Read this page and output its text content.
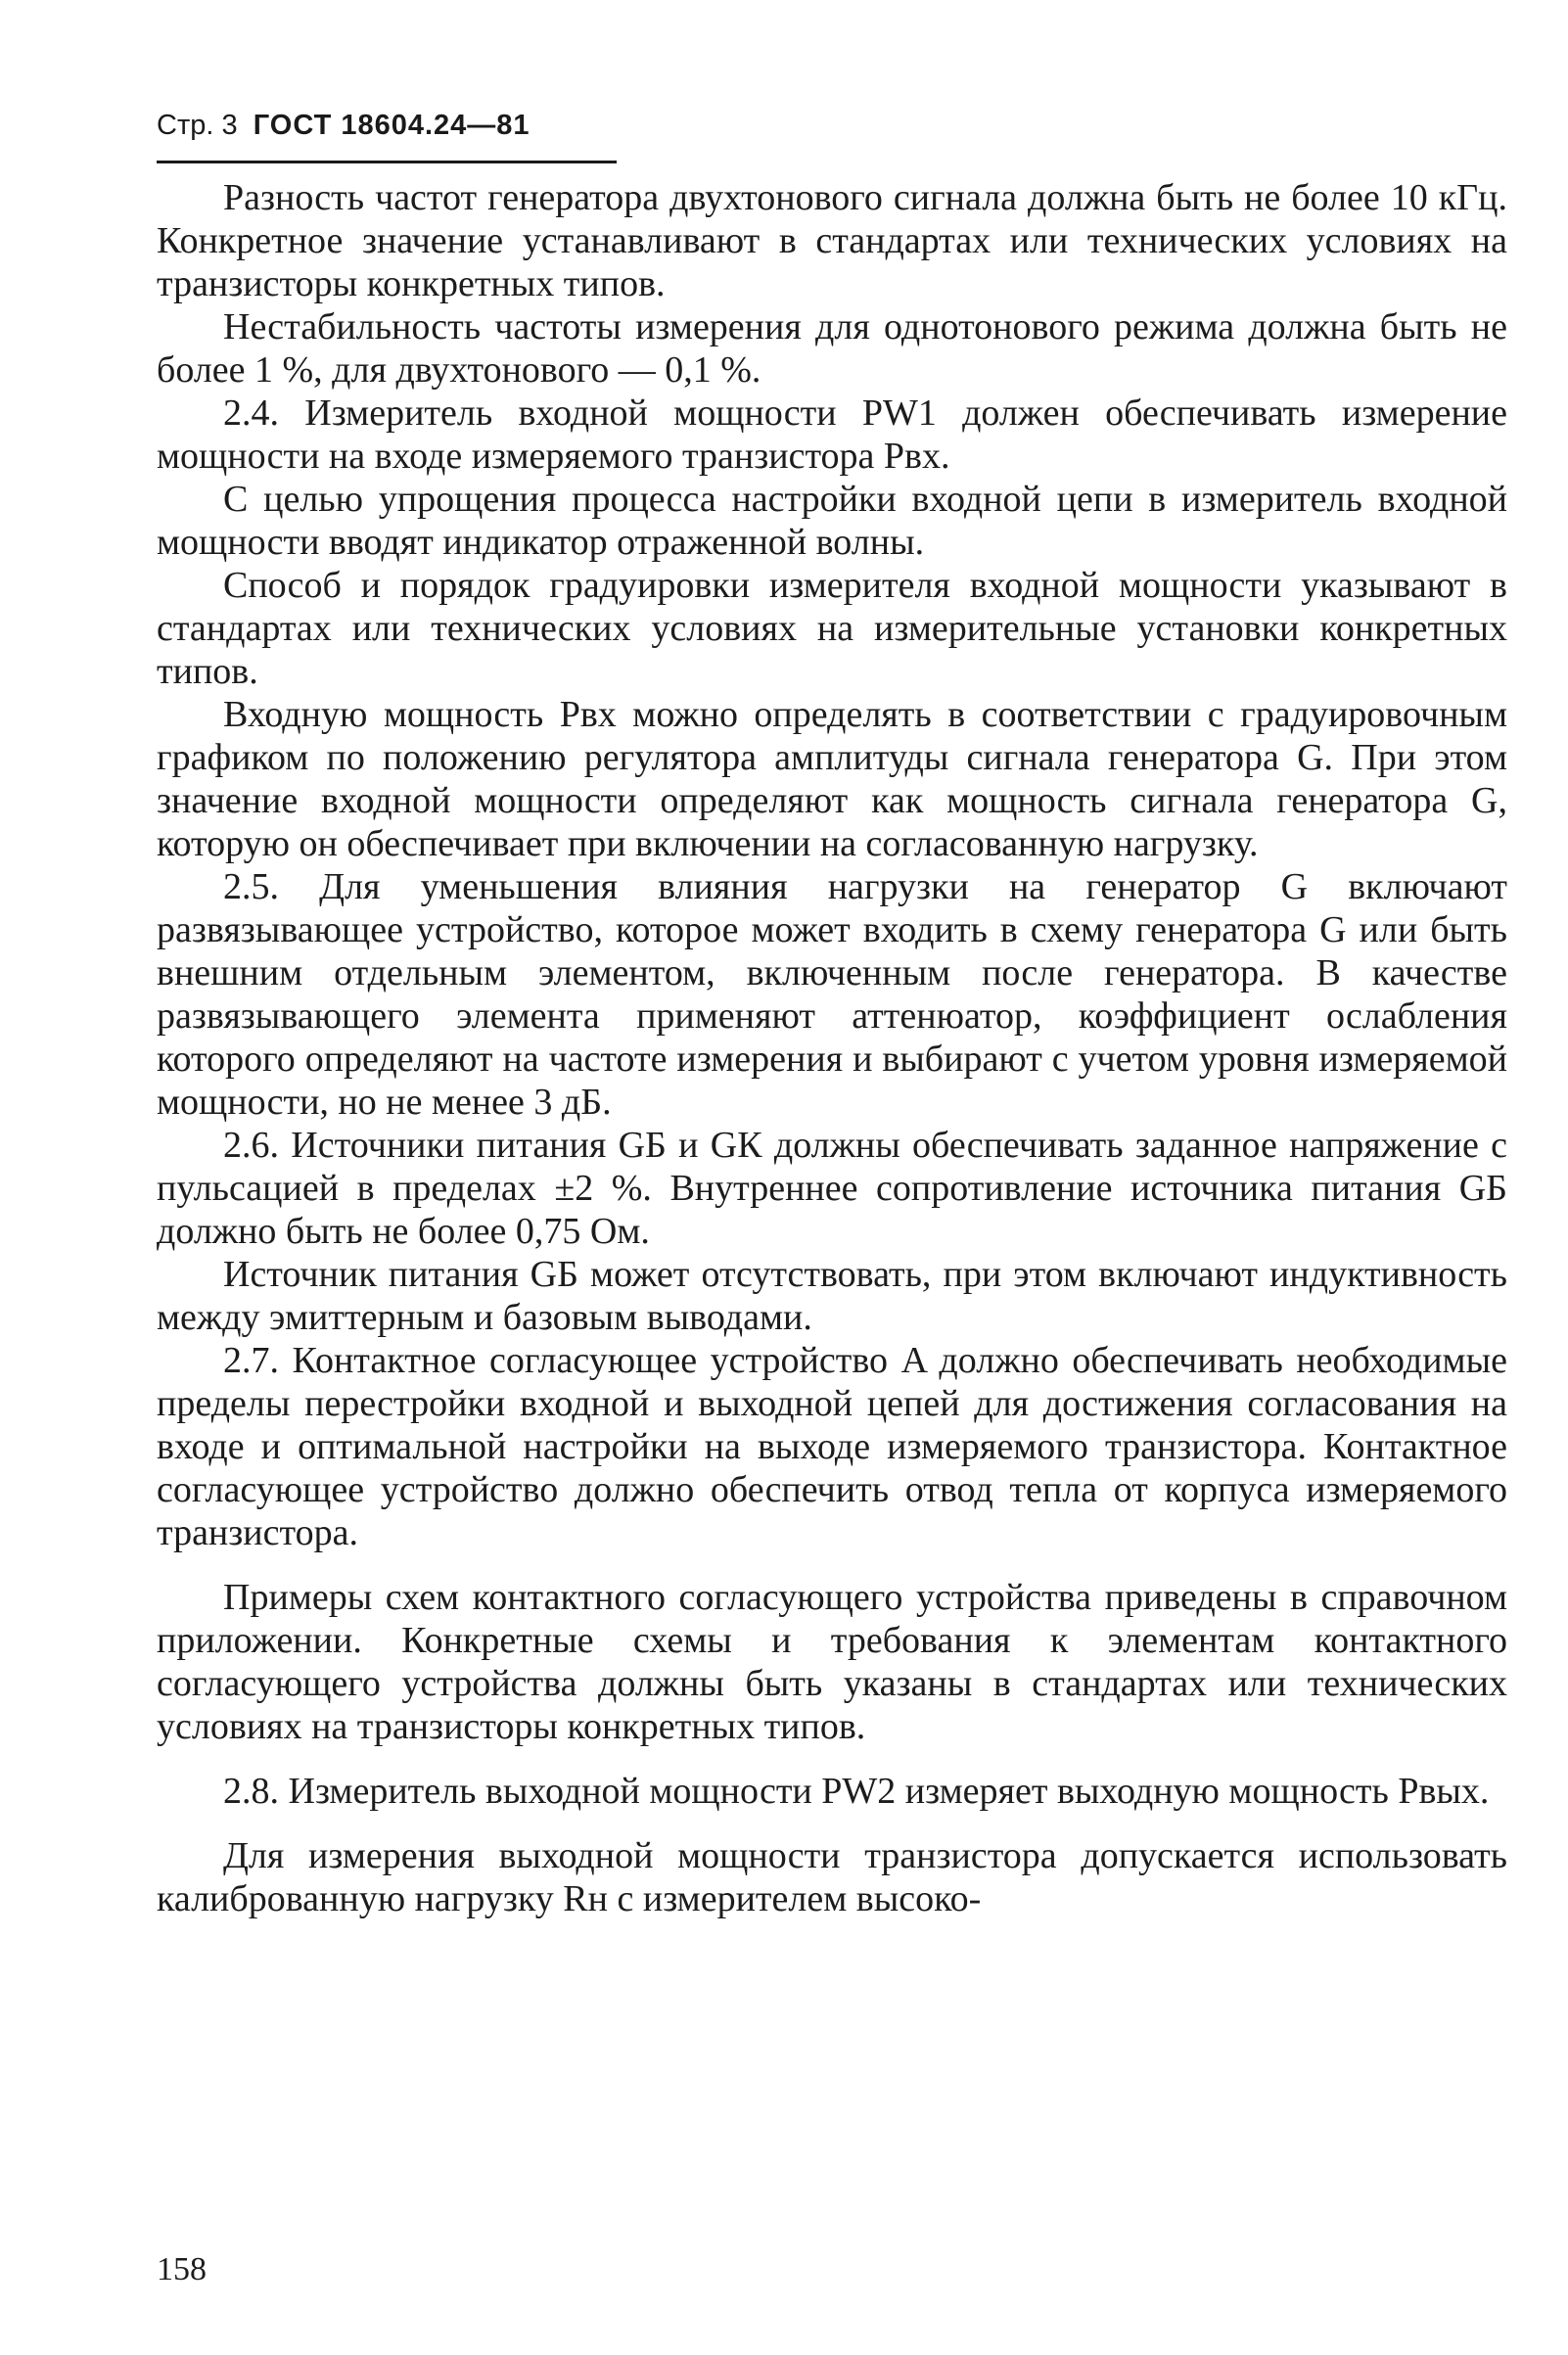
Стр. 3 ГОСТ 18604.24—81

Разность частот генератора двухтонового сигнала должна быть не более 10 кГц. Конкретное значение устанавливают в стандартах или технических условиях на транзисторы конкретных типов.

Нестабильность частоты измерения для однотонового режима должна быть не более 1 %, для двухтонового — 0,1 %.

2.4. Измеритель входной мощности PW1 должен обеспечивать измерение мощности на входе измеряемого транзистора Pвх.

С целью упрощения процесса настройки входной цепи в измеритель входной мощности вводят индикатор отраженной волны.

Способ и порядок градуировки измерителя входной мощности указывают в стандартах или технических условиях на измерительные установки конкретных типов.

Входную мощность Pвх можно определять в соответствии с градуировочным графиком по положению регулятора амплитуды сигнала генератора G. При этом значение входной мощности определяют как мощность сигнала генератора G, которую он обеспечивает при включении на согласованную нагрузку.

2.5. Для уменьшения влияния нагрузки на генератор G включают развязывающее устройство, которое может входить в схему генератора G или быть внешним отдельным элементом, включенным после генератора. В качестве развязывающего элемента применяют аттенюатор, коэффициент ослабления которого определяют на частоте измерения и выбирают с учетом уровня измеряемой мощности, но не менее 3 дБ.

2.6. Источники питания GБ и GК должны обеспечивать заданное напряжение с пульсацией в пределах ±2 %. Внутреннее сопротивление источника питания GБ должно быть не более 0,75 Ом.

Источник питания GБ может отсутствовать, при этом включают индуктивность между эмиттерным и базовым выводами.

2.7. Контактное согласующее устройство A должно обеспечивать необходимые пределы перестройки входной и выходной цепей для достижения согласования на входе и оптимальной настройки на выходе измеряемого транзистора. Контактное согласующее устройство должно обеспечить отвод тепла от корпуса измеряемого транзистора.

Примеры схем контактного согласующего устройства приведены в справочном приложении. Конкретные схемы и требования к элементам контактного согласующего устройства должны быть указаны в стандартах или технических условиях на транзисторы конкретных типов.

2.8. Измеритель выходной мощности PW2 измеряет выходную мощность Pвых.

Для измерения выходной мощности транзистора допускается использовать калиброванную нагрузку Rн с измерителем высоко-

158
